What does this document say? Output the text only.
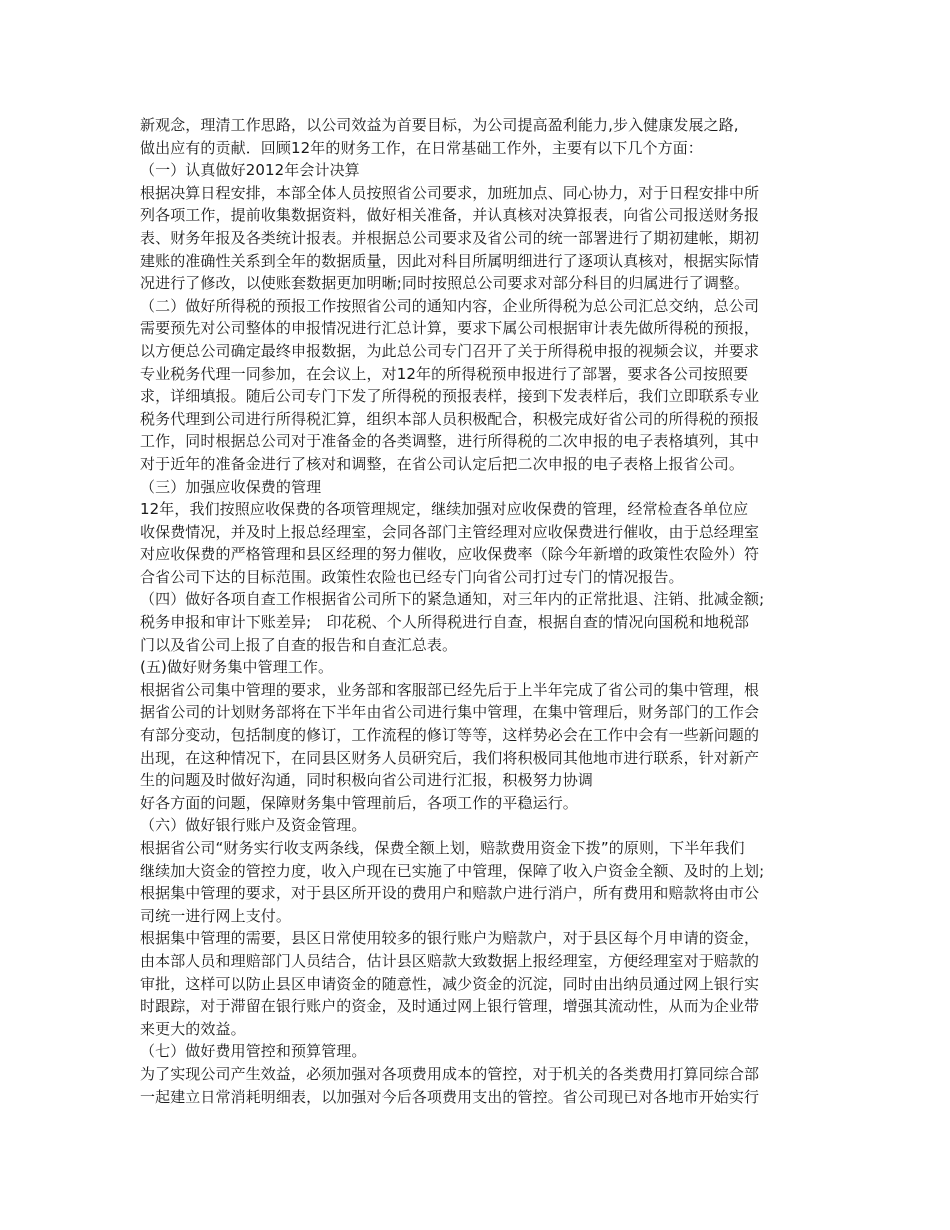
新观念，理清工作思路，以公司效益为首要目标，为公司提高盈利能力,步入健康发展之路,
做出应有的贡献．回顾12年的财务工作，在日常基础工作外，主要有以下几个方面：
（一）认真做好2012年会计决算
根据决算日程安排，本部全体人员按照省公司要求，加班加点、同心协力，对于日程安排中所
列各项工作，提前收集数据资料，做好相关准备，并认真核对决算报表，向省公司报送财务报
表、财务年报及各类统计报表。并根据总公司要求及省公司的统一部署进行了期初建帐，期初
建账的准确性关系到全年的数据质量，因此对科目所属明细进行了逐项认真核对，根据实际情
况进行了修改，以使账套数据更加明晰;同时按照总公司要求对部分科目的归属进行了调整。
（二）做好所得税的预报工作按照省公司的通知内容，企业所得税为总公司汇总交纳，总公司
需要预先对公司整体的申报情况进行汇总计算，要求下属公司根据审计表先做所得税的预报，
以方便总公司确定最终申报数据，为此总公司专门召开了关于所得税申报的视频会议，并要求
专业税务代理一同参加，在会议上，对12年的所得税预申报进行了部署，要求各公司按照要
求，详细填报。随后公司专门下发了所得税的预报表样，接到下发表样后，我们立即联系专业
税务代理到公司进行所得税汇算，组织本部人员积极配合，积极完成好省公司的所得税的预报
工作，同时根据总公司对于准备金的各类调整，进行所得税的二次申报的电子表格填列，其中
对于近年的准备金进行了核对和调整，在省公司认定后把二次申报的电子表格上报省公司。
（三）加强应收保费的管理
12年，我们按照应收保费的各项管理规定，继续加强对应收保费的管理，经常检查各单位应
收保费情况，并及时上报总经理室，会同各部门主管经理对应收保费进行催收，由于总经理室
对应收保费的严格管理和县区经理的努力催收，应收保费率（除今年新增的政策性农险外）符
合省公司下达的目标范围。政策性农险也已经专门向省公司打过专门的情况报告。
（四）做好各项自查工作根据省公司所下的紧急通知，对三年内的正常批退、注销、批减金额;
税务申报和审计下账差异;　印花税、个人所得税进行自查，根据自查的情况向国税和地税部
门以及省公司上报了自查的报告和自查汇总表。
(五)做好财务集中管理工作。
根据省公司集中管理的要求，业务部和客服部已经先后于上半年完成了省公司的集中管理，根
据省公司的计划财务部将在下半年由省公司进行集中管理，在集中管理后，财务部门的工作会
有部分变动，包括制度的修订，工作流程的修订等等，这样势必会在工作中会有一些新问题的
出现，在这种情况下，在同县区财务人员研究后，我们将积极同其他地市进行联系，针对新产
生的问题及时做好沟通，同时积极向省公司进行汇报，积极努力协调
好各方面的问题，保障财务集中管理前后，各项工作的平稳运行。
（六）做好银行账户及资金管理。
根据省公司“财务实行收支两条线，保费全额上划，赔款费用资金下拨”的原则，下半年我们
继续加大资金的管控力度，收入户现在已实施了中管理，保障了收入户资金全额、及时的上划;
根据集中管理的要求，对于县区所开设的费用户和赔款户进行消户，所有费用和赔款将由市公
司统一进行网上支付。
根据集中管理的需要，县区日常使用较多的银行账户为赔款户，对于县区每个月申请的资金，
由本部人员和理赔部门人员结合，估计县区赔款大致数据上报经理室，方便经理室对于赔款的
审批，这样可以防止县区申请资金的随意性，减少资金的沉淀，同时由出纳员通过网上银行实
时跟踪，对于滞留在银行账户的资金，及时通过网上银行管理，增强其流动性，从而为企业带
来更大的效益。
（七）做好费用管控和预算管理。
为了实现公司产生效益，必须加强对各项费用成本的管控，对于机关的各类费用打算同综合部
一起建立日常消耗明细表，以加强对今后各项费用支出的管控。省公司现已对各地市开始实行
